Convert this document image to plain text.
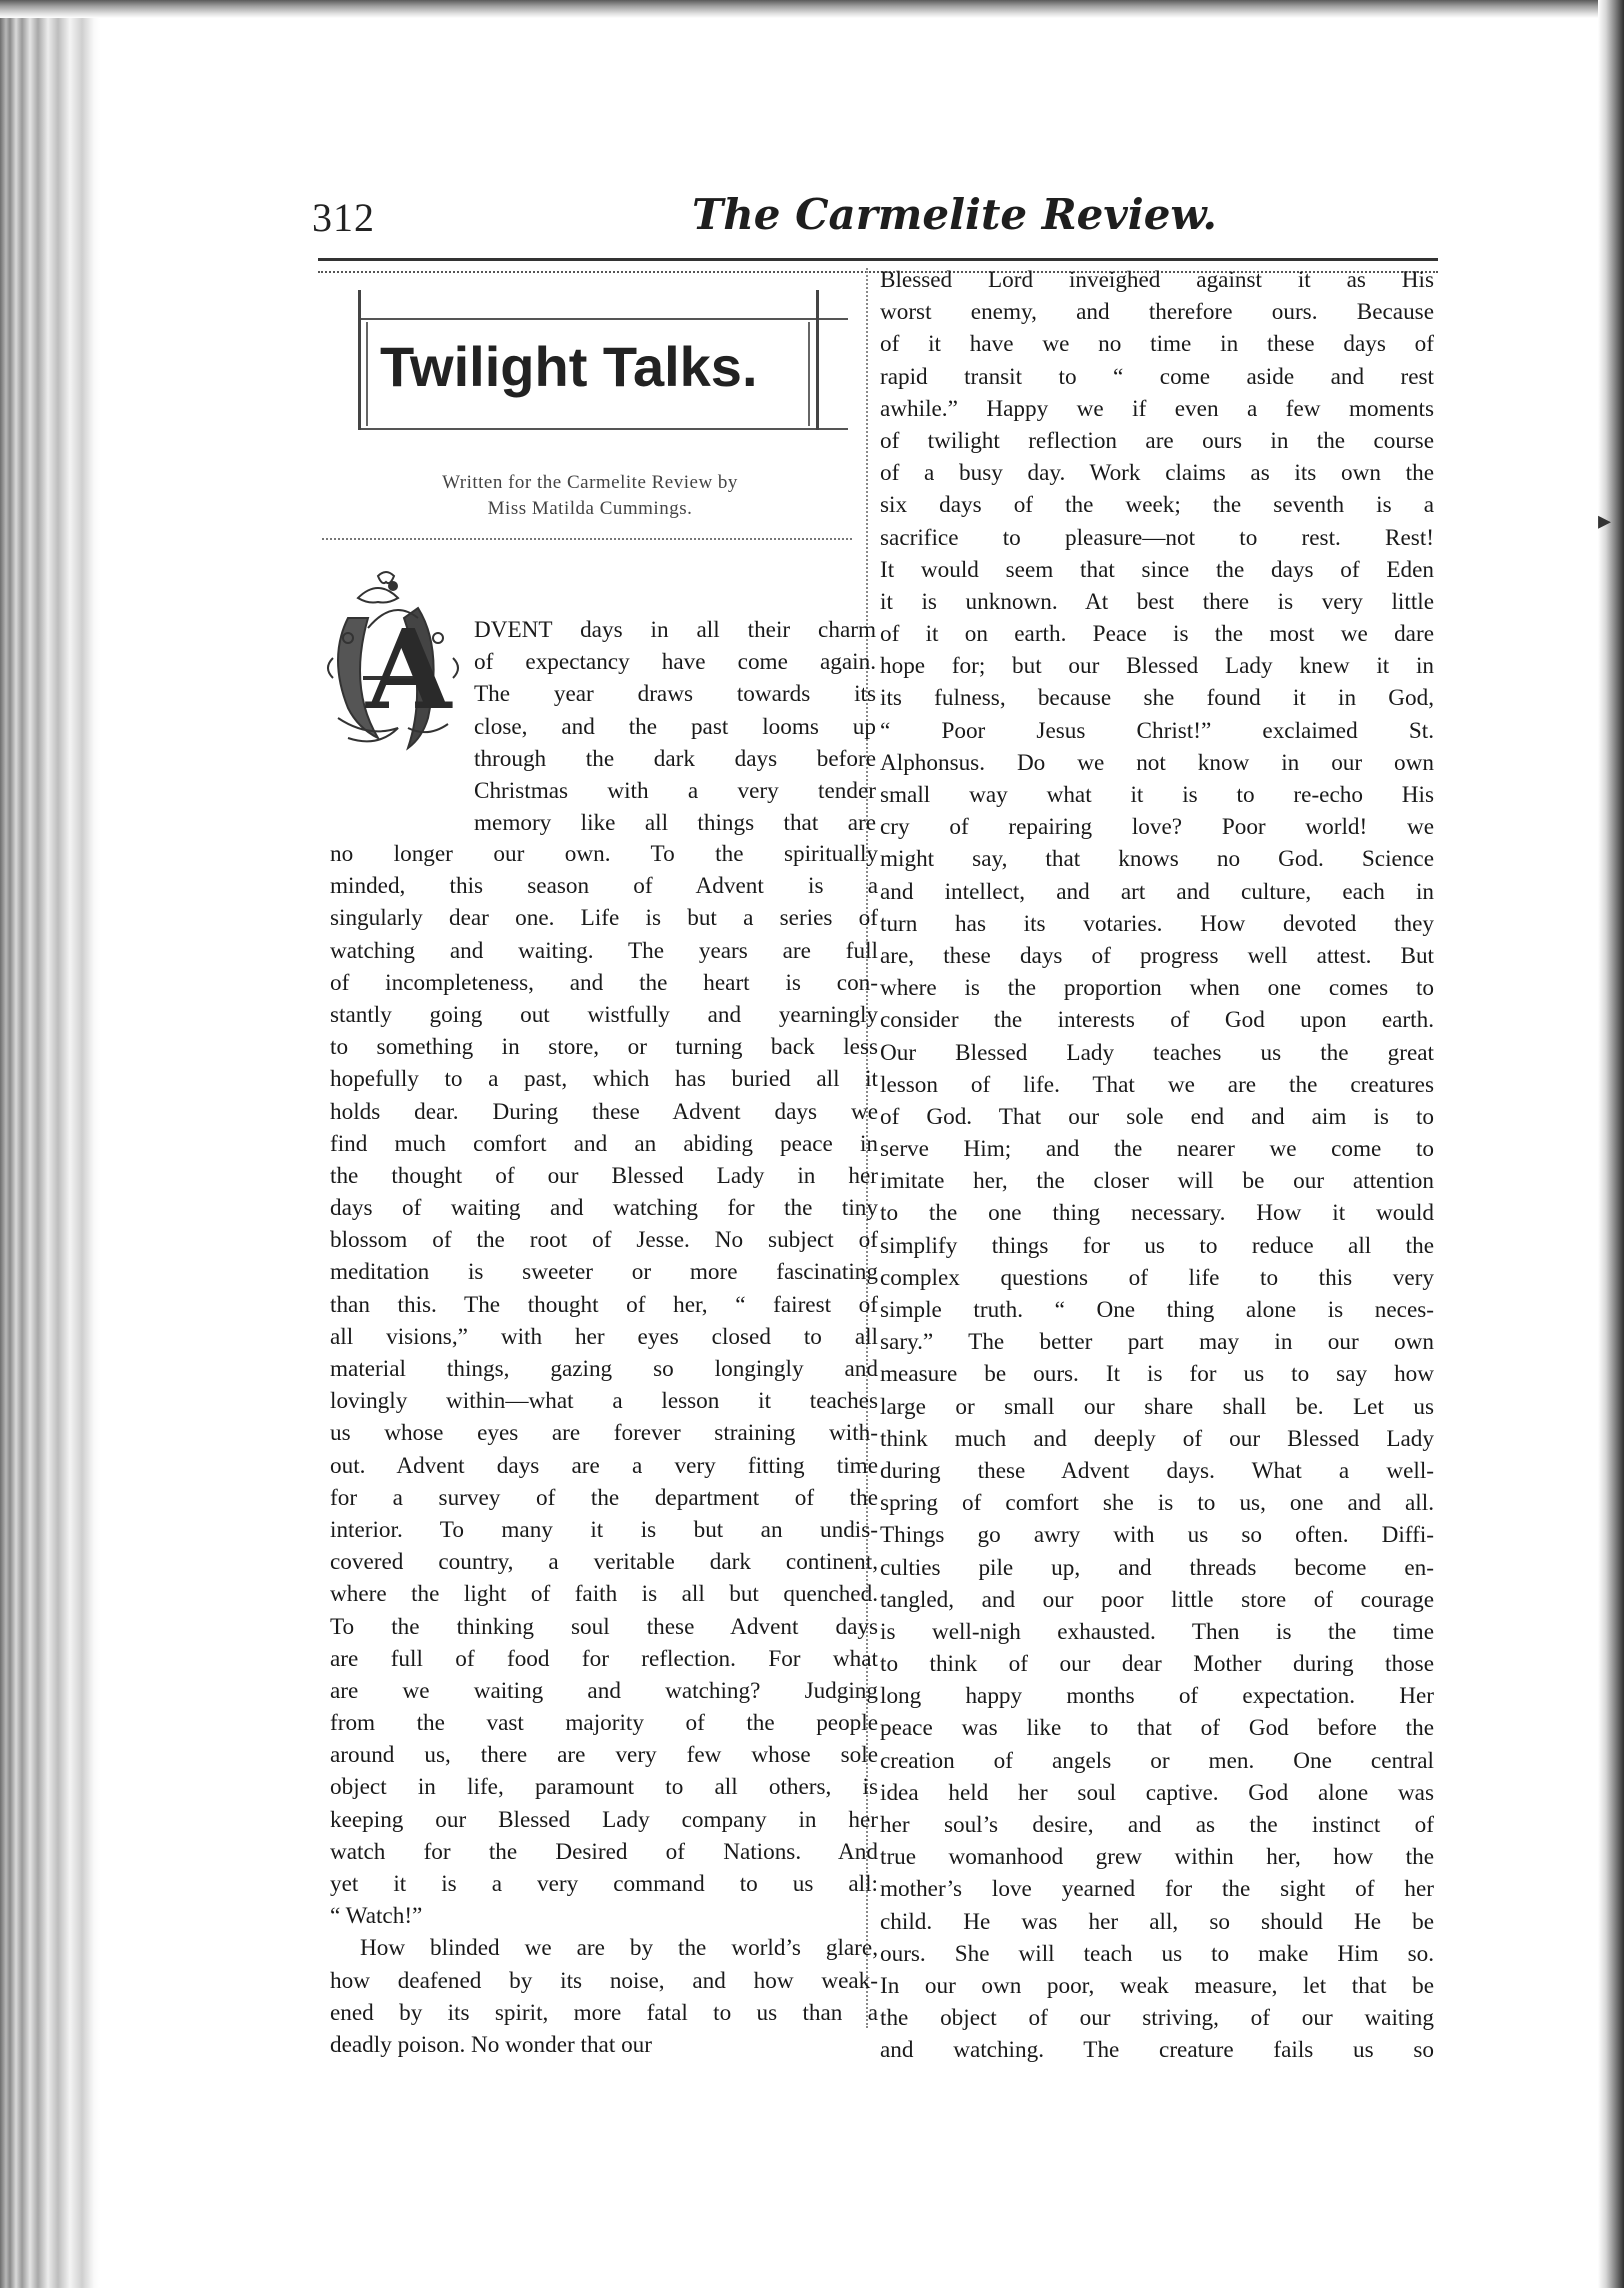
312	The Carmelite Review.
Twilight Talks.
Written for the Carmelite Review by
Miss Matilda Cummings.
A DVENT days in all their charm
of expectancy have come again.
The year draws towards its
close, and the past looms up
through the dark days before
Christmas with a very tender
memory like all things that are
no longer our own. To the spiritually
minded, this season of Advent is a
singularly dear one. Life is but a series of
watching and waiting. The years are full
of incompleteness, and the heart is con-
stantly going out wistfully and yearningly
to something in store, or turning back less
hopefully to a past, which has buried all it
holds dear. During these Advent days we
find much comfort and an abiding peace in
the thought of our Blessed Lady in her
days of waiting and watching for the tiny
blossom of the root of Jesse. No subject of
meditation is sweeter or more fascinating
than this. The thought of her, “ fairest of
all visions,” with her eyes closed to all
material things, gazing so longingly and
lovingly within—what a lesson it teaches
us whose eyes are forever straining with-
out. Advent days are a very fitting time
for a survey of the department of the
interior. To many it is but an undis-
covered country, a veritable dark continent,
where the light of faith is all but quenched.
To the thinking soul these Advent days
are full of food for reflection. For what
are we waiting and watching? Judging
from the vast majority of the people
around us, there are very few whose sole
object in life, paramount to all others, is
keeping our Blessed Lady company in her
watch for the Desired of Nations. And
yet it is a very command to us all:
“ Watch!”
How blinded we are by the world’s glare,
how deafened by its noise, and how weak-
ened by its spirit, more fatal to us than a
deadly poison. No wonder that our
Blessed Lord inveighed against it as His
worst enemy, and therefore ours. Because
of it have we no time in these days of
rapid transit to “ come aside and rest
awhile.” Happy we if even a few moments
of twilight reflection are ours in the course
of a busy day. Work claims as its own the
six days of the week; the seventh is a
sacrifice to pleasure—not to rest. Rest!
It would seem that since the days of Eden
it is unknown. At best there is very little
of it on earth. Peace is the most we dare
hope for; but our Blessed Lady knew it in
its fulness, because she found it in God,
“ Poor Jesus Christ!” exclaimed St.
Alphonsus. Do we not know in our own
small way what it is to re-echo His
cry of repairing love? Poor world! we
might say, that knows no God. Science
and intellect, and art and culture, each in
turn has its votaries. How devoted they
are, these days of progress well attest. But
where is the proportion when one comes to
consider the interests of God upon earth.
Our Blessed Lady teaches us the great
lesson of life. That we are the creatures
of God. That our sole end and aim is to
serve Him; and the nearer we come to
imitate her, the closer will be our attention
to the one thing necessary. How it would
simplify things for us to reduce all the
complex questions of life to this very
simple truth. “ One thing alone is neces-
sary.” The better part may in our own
measure be ours. It is for us to say how
large or small our share shall be. Let us
think much and deeply of our Blessed Lady
during these Advent days. What a well-
spring of comfort she is to us, one and all.
Things go awry with us so often. Diffi-
culties pile up, and threads become en-
tangled, and our poor little store of courage
is well-nigh exhausted. Then is the time
to think of our dear Mother during those
long happy months of expectation. Her
peace was like to that of God before the
creation of angels or men. One central
idea held her soul captive. God alone was
her soul’s desire, and as the instinct of
true womanhood grew within her, how the
mother’s love yearned for the sight of her
child. He was her all, so should He be
ours. She will teach us to make Him so.
In our own poor, weak measure, let that be
the object of our striving, of our waiting
and watching. The creature fails us so
▸
